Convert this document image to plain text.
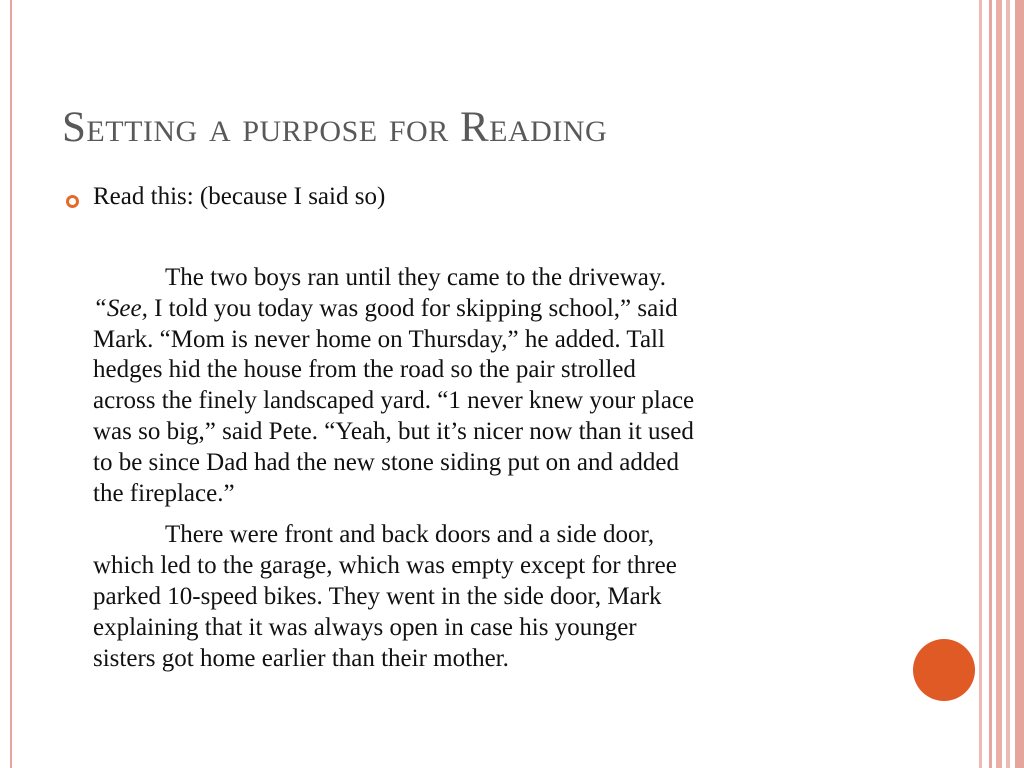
Setting a purpose for Reading
Read this: (because I said so)
The two boys ran until they came to the driveway.
“See, I told you today was good for skipping school,” said
Mark. “Mom is never home on Thursday,” he added. Tall
hedges hid the house from the road so the pair strolled
across the finely landscaped yard. “1 never knew your place
was so big,” said Pete. “Yeah, but it’s nicer now than it used
to be since Dad had the new stone siding put on and added
the fireplace.”
There were front and back doors and a side door,
which led to the garage, which was empty except for three
parked 10-speed bikes. They went in the side door, Mark
explaining that it was always open in case his younger
sisters got home earlier than their mother.
